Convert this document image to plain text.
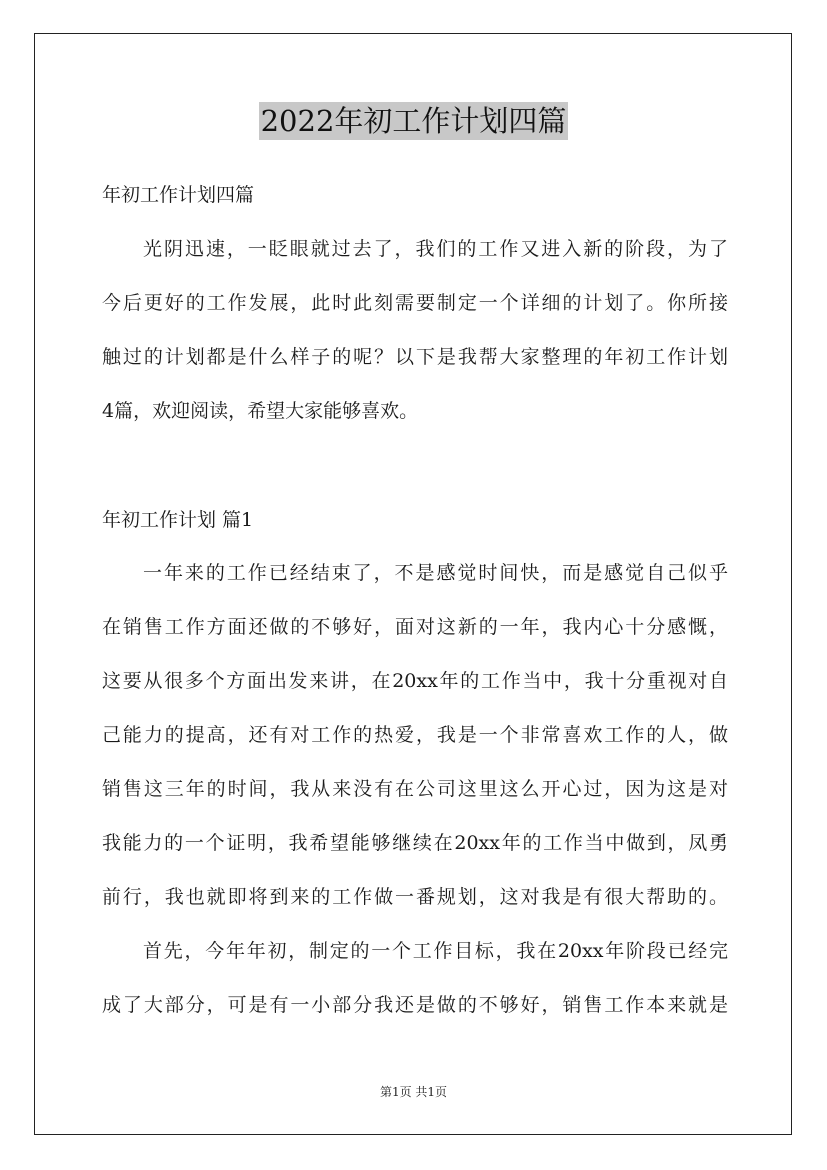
2022年初工作计划四篇
年初工作计划四篇
光阴迅速，一眨眼就过去了，我们的工作又进入新的阶段，为了
今后更好的工作发展，此时此刻需要制定一个详细的计划了。你所接
触过的计划都是什么样子的呢？以下是我帮大家整理的年初工作计划
4篇，欢迎阅读，希望大家能够喜欢。
年初工作计划 篇1
一年来的工作已经结束了，不是感觉时间快，而是感觉自己似乎
在销售工作方面还做的不够好，面对这新的一年，我内心十分感慨，
这要从很多个方面出发来讲，在20xx年的工作当中，我十分重视对自
己能力的提高，还有对工作的热爱，我是一个非常喜欢工作的人，做
销售这三年的时间，我从来没有在公司这里这么开心过，因为这是对
我能力的一个证明，我希望能够继续在20xx年的工作当中做到，凤勇
前行，我也就即将到来的工作做一番规划，这对我是有很大帮助的。
首先，今年年初，制定的一个工作目标，我在20xx年阶段已经完
成了大部分，可是有一小部分我还是做的不够好，销售工作本来就是
第1页 共1页
